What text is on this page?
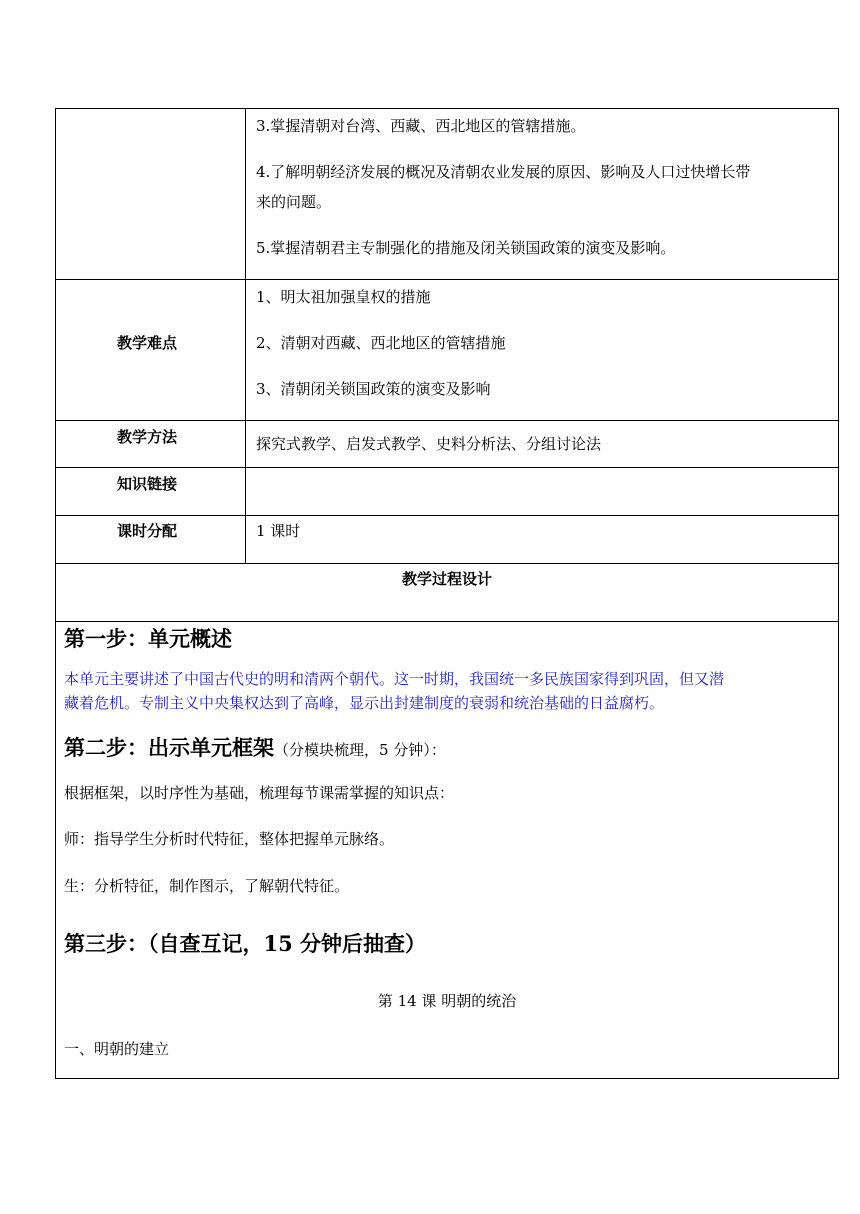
3.掌握清朝对台湾、西藏、西北地区的管辖措施。
4.了解明朝经济发展的概况及清朝农业发展的原因、影响及人口过快增长带
来的问题。
5.掌握清朝君主专制强化的措施及闭关锁国政策的演变及影响。
教学难点
1、明太祖加强皇权的措施
2、清朝对西藏、西北地区的管辖措施
3、清朝闭关锁国政策的演变及影响
教学方法	探究式教学、启发式教学、史料分析法、分组讨论法
知识链接
课时分配	1 课时
教学过程设计
第一步：单元概述
本单元主要讲述了中国古代史的明和清两个朝代。这一时期，我国统一多民族国家得到巩固，但又潜
藏着危机。专制主义中央集权达到了高峰，显示出封建制度的衰弱和统治基础的日益腐朽。
第二步：出示单元框架（分模块梳理，5 分钟）：
根据框架，以时序性为基础，梳理每节课需掌握的知识点：
师：指导学生分析时代特征，整体把握单元脉络。
生：分析特征，制作图示，了解朝代特征。
第三步：（自查互记，15 分钟后抽查）
第 14 课 明朝的统治
一、明朝的建立
